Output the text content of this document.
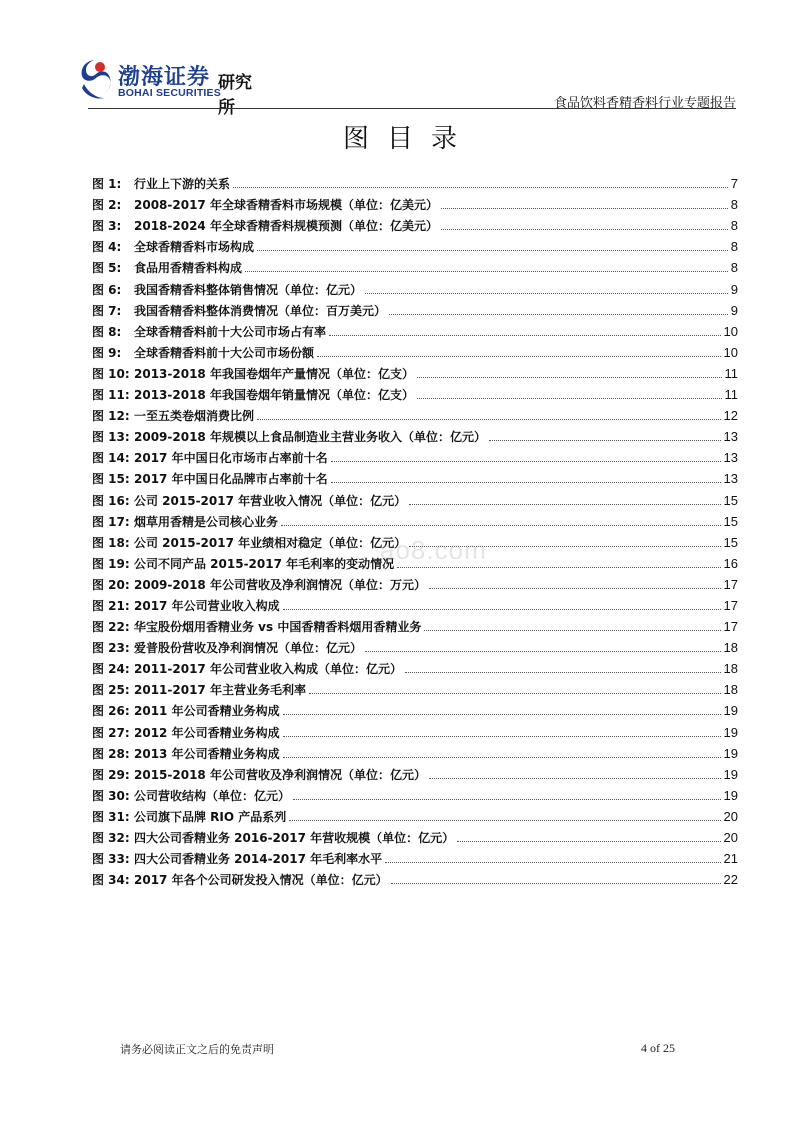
渤海证券
BOHAI SECURITIES
研究所	食品饮料香精香料行业专题报告
图目录
图 1:	行业上下游的关系	7
图 2:	2008-2017 年全球香精香料市场规模（单位：亿美元）	8
图 3:	2018-2024 年全球香精香料规模预测（单位：亿美元）	8
图 4:	全球香精香料市场构成	8
图 5:	食品用香精香料构成	8
图 6:	我国香精香料整体销售情况（单位：亿元）	9
图 7:	我国香精香料整体消费情况（单位：百万美元）	9
图 8:	全球香精香料前十大公司市场占有率	10
图 9:	全球香精香料前十大公司市场份额	10
图 10: 2013-2018 年我国卷烟年产量情况（单位：亿支）	11
图 11: 2013-2018 年我国卷烟年销量情况（单位：亿支）	11
图 12: 一至五类卷烟消费比例	12
图 13: 2009-2018 年规模以上食品制造业主营业务收入（单位：亿元）	13
图 14: 2017 年中国日化市场市占率前十名	13
图 15: 2017 年中国日化品牌市占率前十名	13
图 16: 公司 2015-2017 年营业收入情况（单位：亿元）	15
图 17: 烟草用香精是公司核心业务	15
图 18: 公司 2015-2017 年业绩相对稳定（单位：亿元）	15
图 19: 公司不同产品 2015-2017 年毛利率的变动情况	16
图 20: 2009-2018 年公司营收及净利润情况（单位：万元）	17
图 21: 2017 年公司营业收入构成	17
图 22: 华宝股份烟用香精业务 vs 中国香精香料烟用香精业务	17
图 23: 爱普股份营收及净利润情况（单位：亿元）	18
图 24: 2011-2017 年公司营业收入构成（单位：亿元）	18
图 25: 2011-2017 年主营业务毛利率	18
图 26: 2011 年公司香精业务构成	19
图 27: 2012 年公司香精业务构成	19
图 28: 2013 年公司香精业务构成	19
图 29: 2015-2018 年公司营收及净利润情况（单位：亿元）	19
图 30: 公司营收结构（单位：亿元）	19
图 31: 公司旗下品牌 RIO 产品系列	20
图 32: 四大公司香精业务 2016-2017 年营收规模（单位：亿元）	20
图 33: 四大公司香精业务 2014-2017 年毛利率水平	21
图 34: 2017 年各个公司研发投入情况（单位：亿元）	22
ao8.com
请务必阅读正文之后的免责声明	4 of 25
